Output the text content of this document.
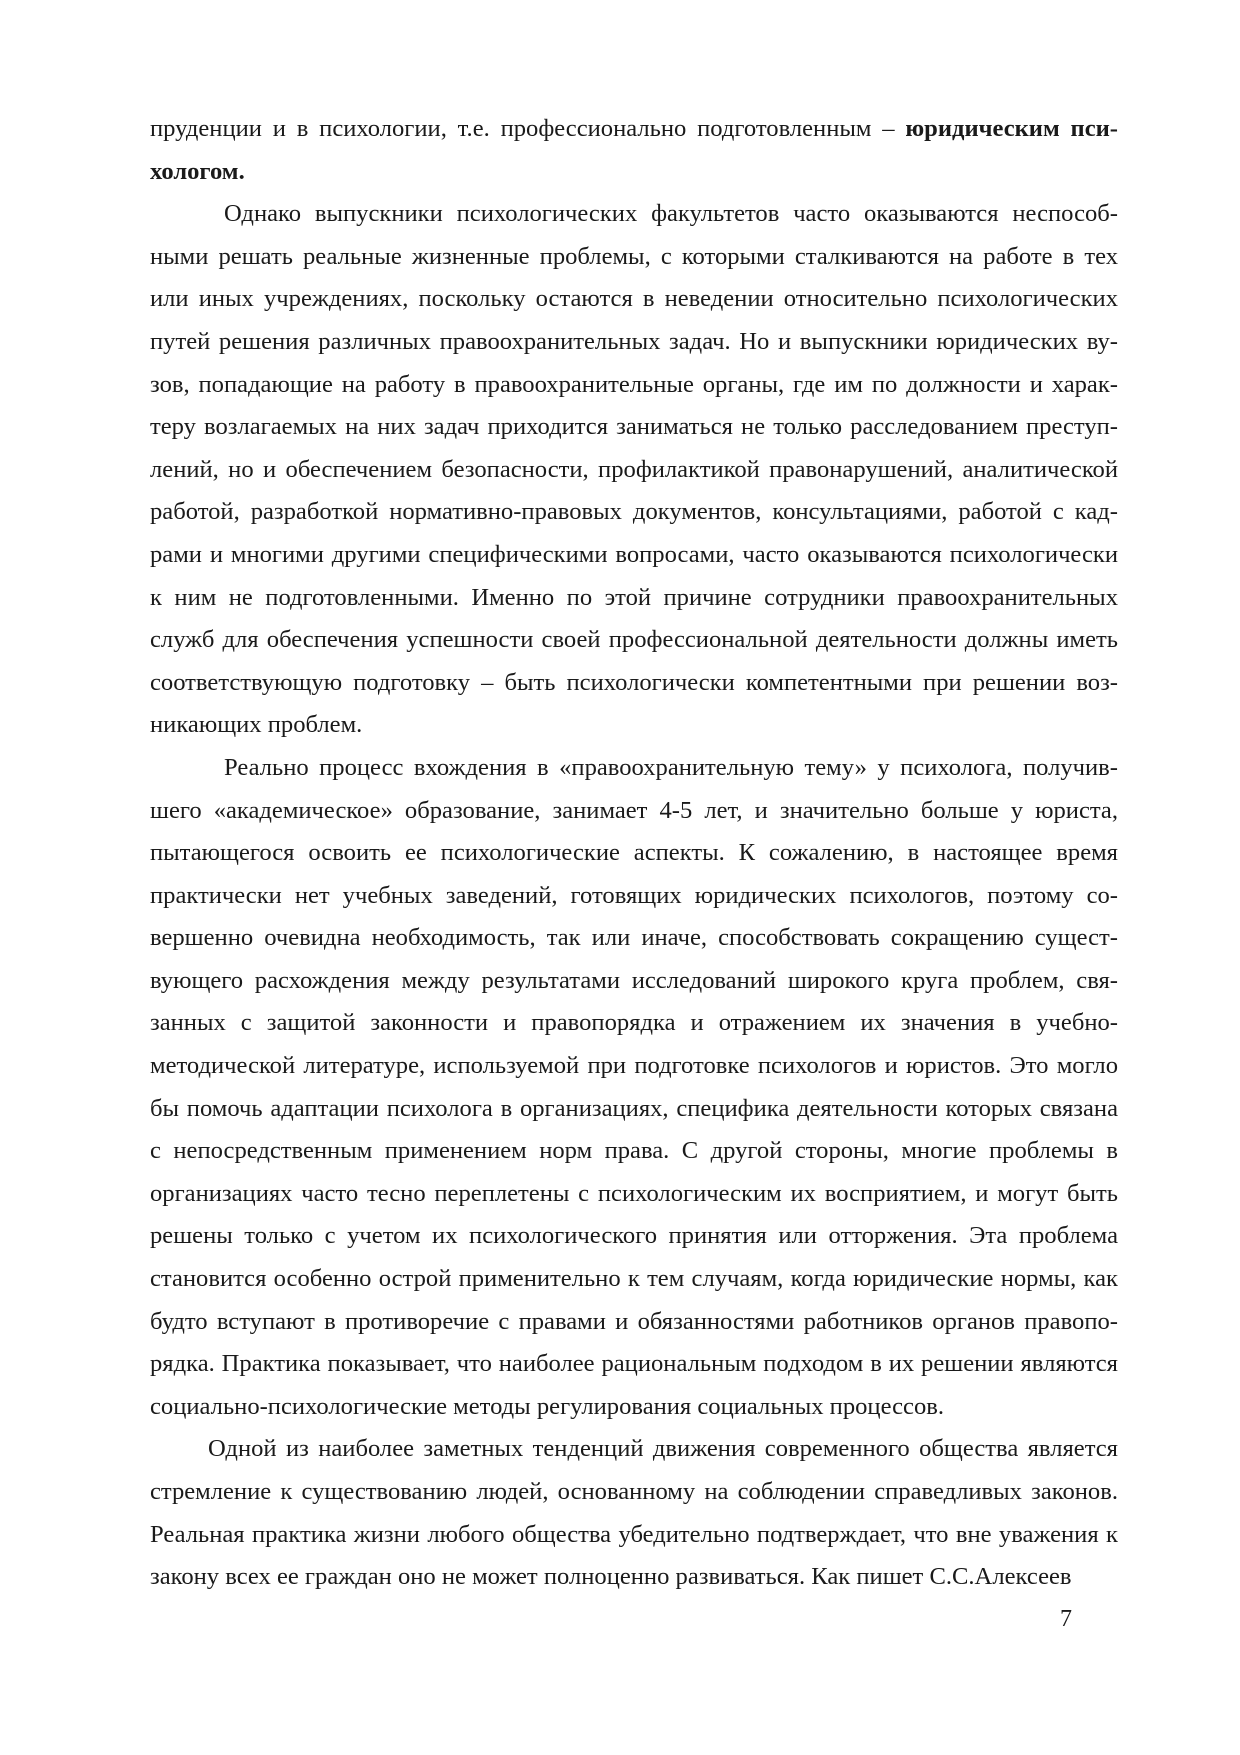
пруденции и в психологии, т.е. профессионально подготовленным – юридическим психологом.

Однако выпускники психологических факультетов часто оказываются неспособными решать реальные жизненные проблемы, с которыми сталкиваются на работе в тех или иных учреждениях, поскольку остаются в неведении относительно психологических путей решения различных правоохранительных задач. Но и выпускники юридических вузов, попадающие на работу в правоохранительные органы, где им по должности и характеру возлагаемых на них задач приходится заниматься не только расследованием преступлений, но и обеспечением безопасности, профилактикой правонарушений, аналитической работой, разработкой нормативно-правовых документов, консультациями, работой с кадрами и многими другими специфическими вопросами, часто оказываются психологически к ним не подготовленными. Именно по этой причине сотрудники правоохранительных служб для обеспечения успешности своей профессиональной деятельности должны иметь соответствующую подготовку – быть психологически компетентными при решении возникающих проблем.

Реально процесс вхождения в «правоохранительную тему» у психолога, получившего «академическое» образование, занимает 4-5 лет, и значительно больше у юриста, пытающегося освоить ее психологические аспекты. К сожалению, в настоящее время практически нет учебных заведений, готовящих юридических психологов, поэтому совершенно очевидна необходимость, так или иначе, способствовать сокращению существующего расхождения между результатами исследований широкого круга проблем, связанных с защитой законности и правопорядка и отражением их значения в учебно-методической литературе, используемой при подготовке психологов и юристов. Это могло бы помочь адаптации психолога в организациях, специфика деятельности которых связана с непосредственным применением норм права. С другой стороны, многие проблемы в организациях часто тесно переплетены с психологическим их восприятием, и могут быть решены только с учетом их психологического принятия или отторжения. Эта проблема становится особенно острой применительно к тем случаям, когда юридические нормы, как будто вступают в противоречие с правами и обязанностями работников органов правопорядка. Практика показывает, что наиболее рациональным подходом в их решении являются социально-психологические методы регулирования социальных процессов.

Одной из наиболее заметных тенденций движения современного общества является стремление к существованию людей, основанному на соблюдении справедливых законов. Реальная практика жизни любого общества убедительно подтверждает, что вне уважения к закону всех ее граждан оно не может полноценно развиваться. Как пишет С.С.Алексеев

7
